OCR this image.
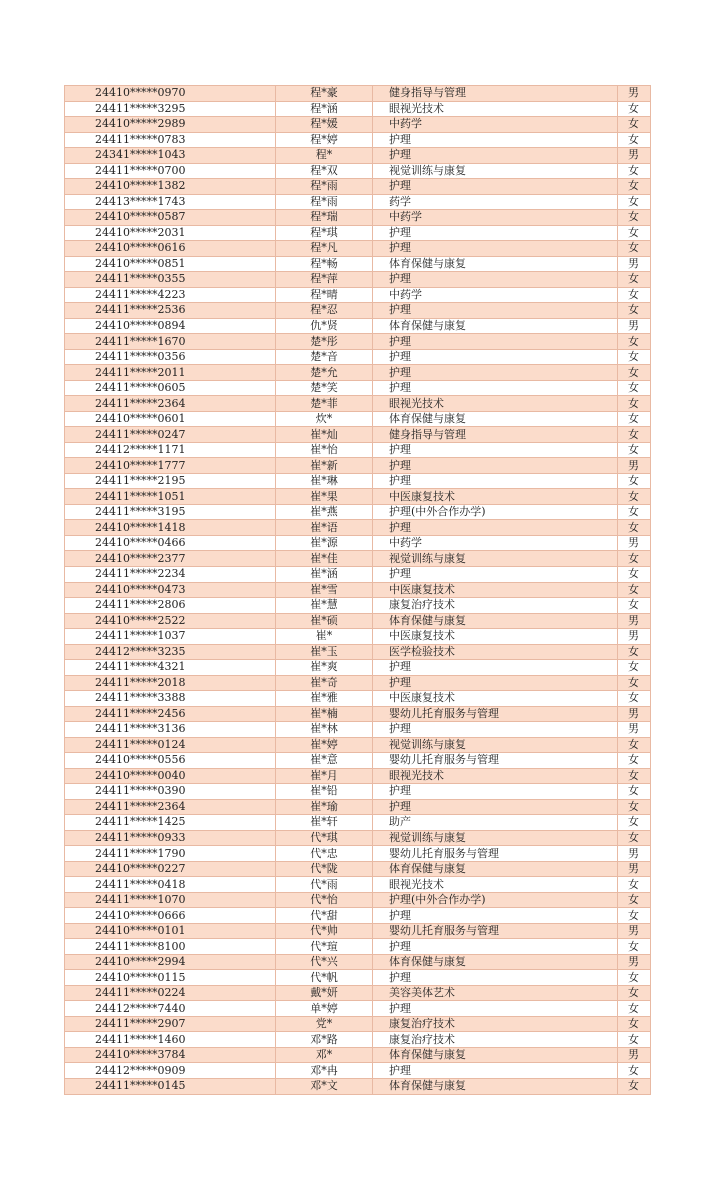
24410*****0970	程*豪	健身指导与管理	男
24411*****3295	程*涵	眼视光技术	女
24410*****2989	程*媛	中药学	女
24411*****0783	程*婷	护理	女
24341*****1043	程*	护理	男
24411*****0700	程*双	视觉训练与康复	女
24410*****1382	程*雨	护理	女
24413*****1743	程*雨	药学	女
24410*****0587	程*瑞	中药学	女
24410*****2031	程*琪	护理	女
24410*****0616	程*凡	护理	女
24410*****0851	程*畅	体育保健与康复	男
24411*****0355	程*萍	护理	女
24411*****4223	程*晴	中药学	女
24411*****2536	程*忍	护理	女
24410*****0894	仇*贤	体育保健与康复	男
24411*****1670	楚*彤	护理	女
24411*****0356	楚*音	护理	女
24411*****2011	楚*允	护理	女
24411*****0605	楚*笑	护理	女
24411*****2364	楚*菲	眼视光技术	女
24410*****0601	炊*	体育保健与康复	女
24411*****0247	崔*灿	健身指导与管理	女
24412*****1171	崔*怡	护理	女
24410*****1777	崔*新	护理	男
24411*****2195	崔*琳	护理	女
24411*****1051	崔*果	中医康复技术	女
24411*****3195	崔*燕	护理(中外合作办学)	女
24410*****1418	崔*语	护理	女
24410*****0466	崔*源	中药学	男
24410*****2377	崔*佳	视觉训练与康复	女
24411*****2234	崔*涵	护理	女
24410*****0473	崔*雪	中医康复技术	女
24411*****2806	崔*慧	康复治疗技术	女
24410*****2522	崔*硕	体育保健与康复	男
24411*****1037	崔*	中医康复技术	男
24412*****3235	崔*玉	医学检验技术	女
24411*****4321	崔*爽	护理	女
24411*****2018	崔*奇	护理	女
24411*****3388	崔*雅	中医康复技术	女
24411*****2456	崔*楠	婴幼儿托育服务与管理	男
24411*****3136	崔*林	护理	男
24411*****0124	崔*婷	视觉训练与康复	女
24410*****0556	崔*意	婴幼儿托育服务与管理	女
24410*****0040	崔*月	眼视光技术	女
24411*****0390	崔*铅	护理	女
24411*****2364	崔*瑜	护理	女
24411*****1425	崔*轩	助产	女
24411*****0933	代*琪	视觉训练与康复	女
24411*****1790	代*忠	婴幼儿托育服务与管理	男
24410*****0227	代*陇	体育保健与康复	男
24411*****0418	代*雨	眼视光技术	女
24411*****1070	代*怡	护理(中外合作办学)	女
24410*****0666	代*甜	护理	女
24410*****0101	代*帅	婴幼儿托育服务与管理	男
24411*****8100	代*瑄	护理	女
24410*****2994	代*兴	体育保健与康复	男
24410*****0115	代*帆	护理	女
24411*****0224	戴*妍	美容美体艺术	女
24412*****7440	单*婷	护理	女
24411*****2907	党*	康复治疗技术	女
24411*****1460	邓*路	康复治疗技术	女
24410*****3784	邓*	体育保健与康复	男
24412*****0909	邓*冉	护理	女
24411*****0145	邓*文	体育保健与康复	女
